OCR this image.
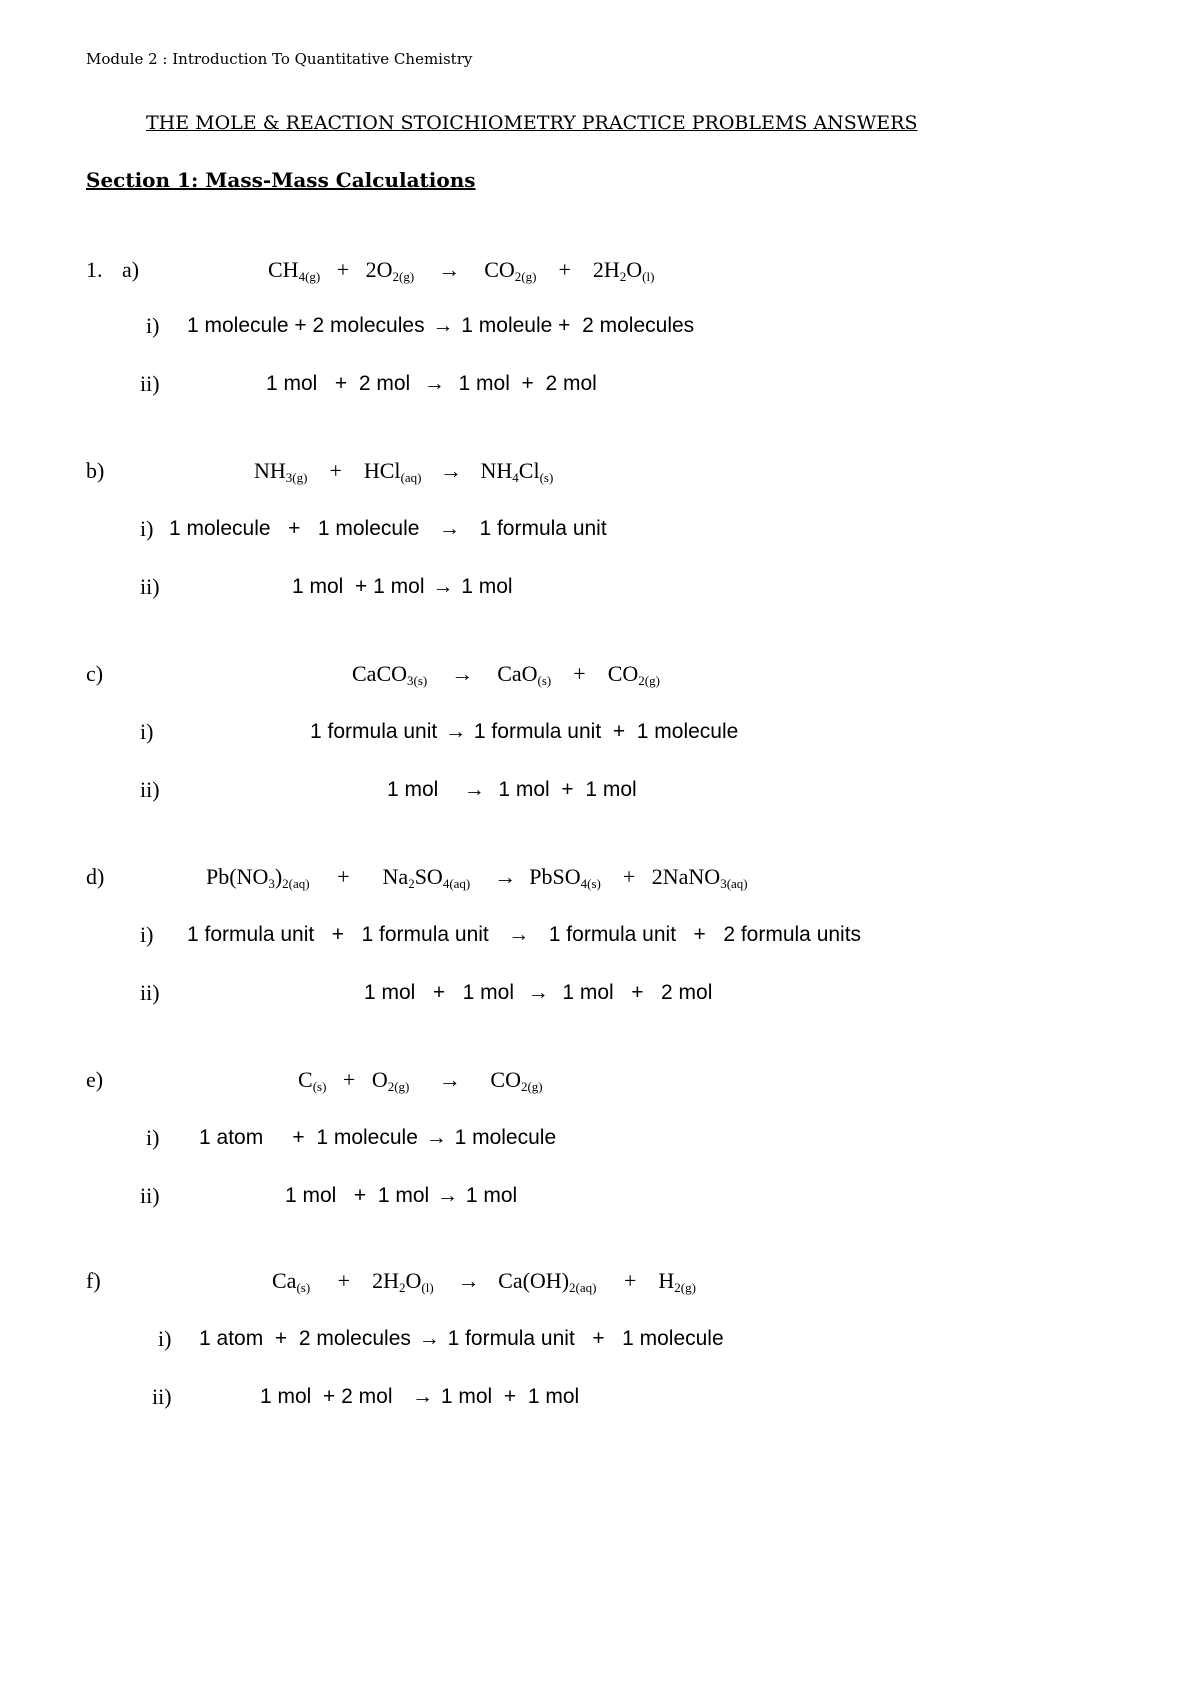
Module 2 : Introduction To Quantitative Chemistry
THE MOLE & REACTION STOICHIOMETRY PRACTICE PROBLEMS ANSWERS
Section 1: Mass-Mass Calculations
1. a)	$CH_{4(g)} + 2O_{2(g)} \to CO_{2(g)} + 2H_2O_{(l)}$
i) 1 molecule + 2 molecules → 1 moleule + 2 molecules
ii)	1 mol + 2 mol → 1 mol + 2 mol
b)	$NH_{3(g)} + HCl_{(aq)} \to NH_4Cl_{(s)}$
i) 1 molecule + 1 molecule → 1 formula unit
ii)	1 mol + 1 mol → 1 mol
c)	CaCO$_{3(s)}$ → $CaO_{(s)} + CO_{2(g)}$
i)	1 formula unit → 1 formula unit + 1 molecule
ii)	1 mol → 1 mol + 1 mol
d)	$Pb(NO_3)_{2(aq)} + Na_2SO_{4(aq)}$ → PbSO$_{4(s)}$ + 2NaNO$_{3(aq)}$
i) 1 formula unit + 1 formula unit → 1 formula unit + 2 formula units
ii)	1 mol + 1 mol → 1 mol + 2 mol
e)	$C_{(s)} + O_{2(g)} \to CO_{2(g)}$
i) 1 atom + 1 molecule → 1 molecule
ii)	1 mol + 1 mol → 1 mol
f)	$Ca_{(s)} + 2H_2O_{(l)} \to Ca(OH)_{2(aq)} + H_{2(g)}$
i) 1 atom + 2 molecules → 1 formula unit + 1 molecule
ii)	1 mol + 2 mol → 1 mol + 1 mol
